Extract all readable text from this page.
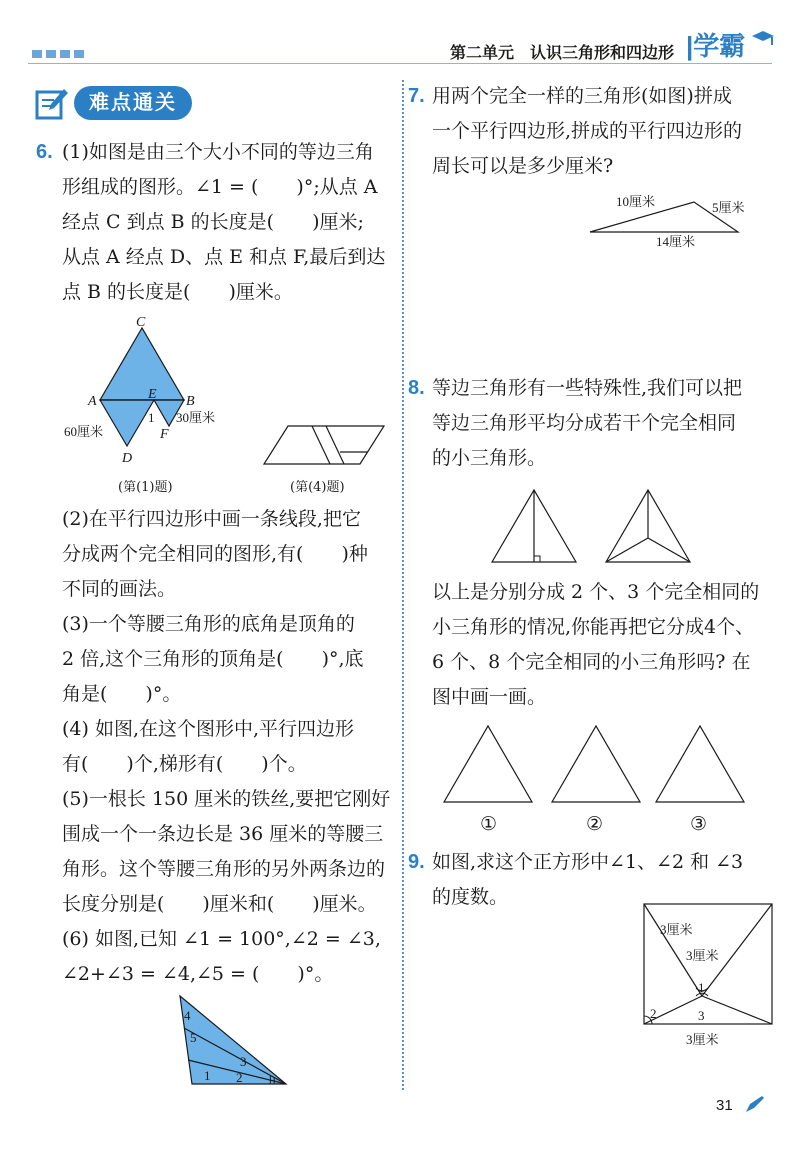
第二单元　认识三角形和四边形 |学霸
难点通关
6. (1)如图是由三个大小不同的等边三角
形组成的图形。∠1 = (　　)°;从点 A
经点 C 到点 B 的长度是(　　)厘米;
从点 A 经点 D、点 E 和点 F,最后到达
点 B 的长度是(　　)厘米。
C
A	E B
F
D
1
60厘米
30厘米
(第(1)题)	(第(4)题)
(2)在平行四边形中画一条线段,把它
分成两个完全相同的图形,有(　　)种
不同的画法。
(3)一个等腰三角形的底角是顶角的
2 倍,这个三角形的顶角是(　　)°,底
角是(　　)°。
(4) 如图,在这个图形中,平行四边形
有(　　)个,梯形有(　　)个。
(5)一根长 150 厘米的铁丝,要把它刚好
围成一个一条边长是 36 厘米的等腰三
角形。这个等腰三角形的另外两条边的
长度分别是(　　)厘米和(　　)厘米。
(6) 如图,已知 ∠1 = 100°,∠2 = ∠3,
∠2+∠3 = ∠4,∠5 = (　　)°。
4
5
1 2
3
7. 用两个完全一样的三角形(如图)拼成
一个平行四边形,拼成的平行四边形的
周长可以是多少厘米?
10厘米	5厘米
14厘米
8. 等边三角形有一些特殊性,我们可以把
等边三角形平均分成若干个完全相同
的小三角形。
以上是分别分成 2 个、3 个完全相同的
小三角形的情况,你能再把它分成4个、
6 个、8 个完全相同的小三角形吗? 在
图中画一画。
①	②	③
9. 如图,求这个正方形中∠1、∠2 和 ∠3
的度数。
3厘米
3厘米
1
2	3
3厘米
31
